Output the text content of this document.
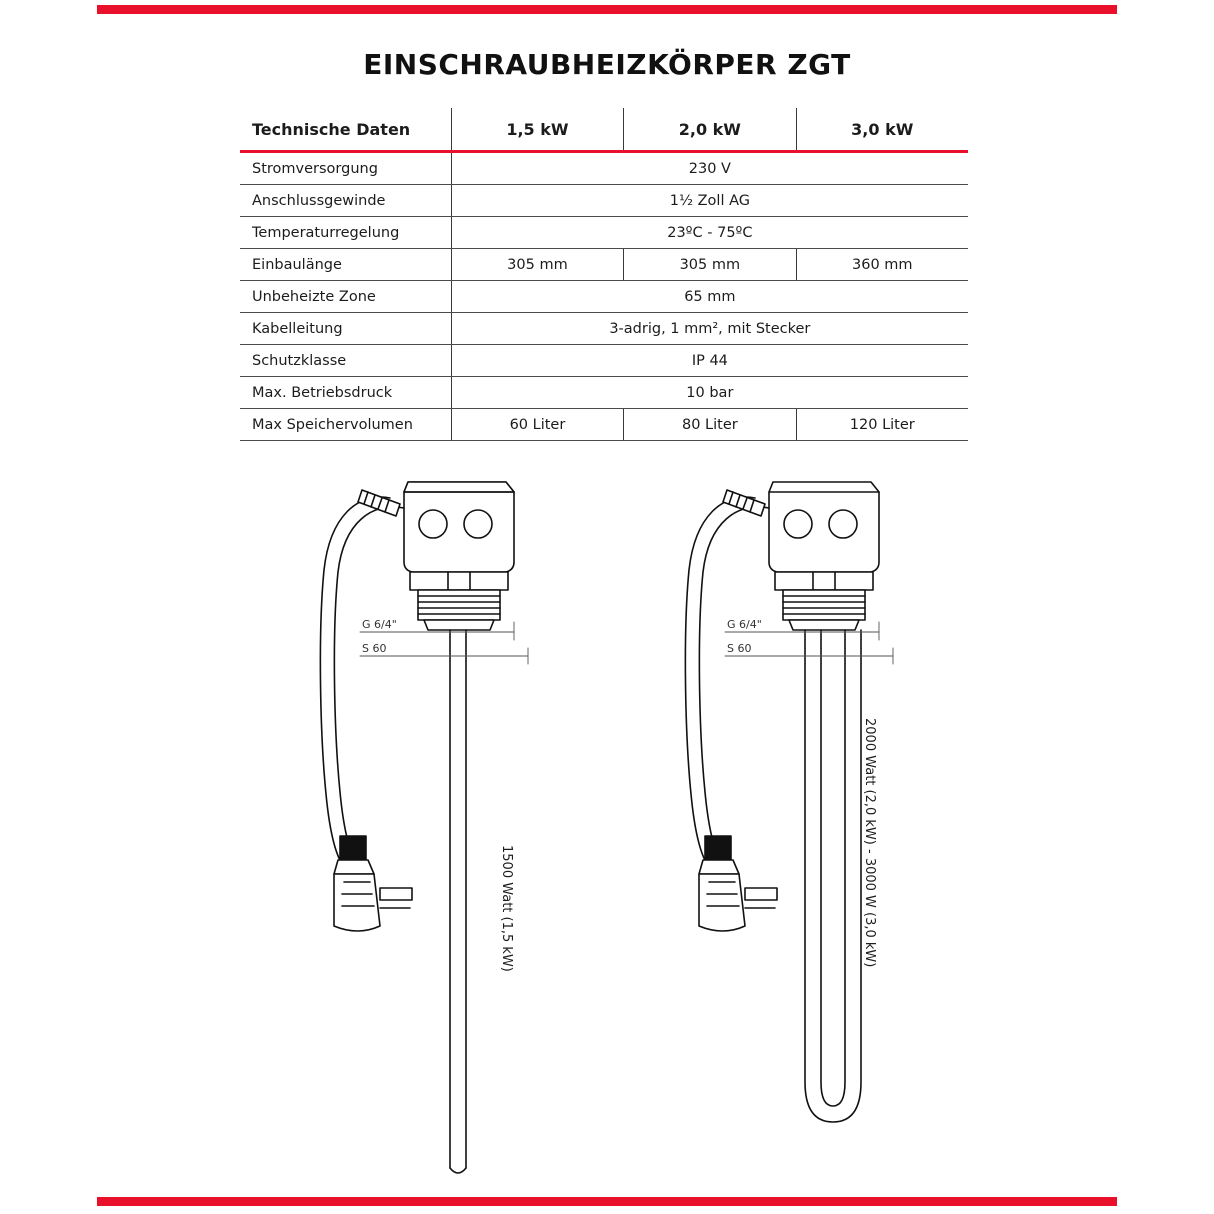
EINSCHRAUBHEIZKÖRPER ZGT
Technische Daten	1,5 kW	2,0 kW	3,0 kW
Stromversorgung	230 V		
Anschlussgewinde	1½ Zoll AG		
Temperaturregelung	23ºC - 75ºC		
Einbaulänge	305 mm	305 mm	360 mm
Unbeheizte Zone	65 mm		
Kabelleitung	3-adrig, 1 mm², mit Stecker		
Schutzklasse	IP 44		
Max. Betriebsdruck	10 bar		
Max Speichervolumen	60 Liter	80 Liter	120 Liter
G 6/4"
S 60
G 6/4"
S 60
1500 Watt (1,5 kW)	2000 Watt (2,0 kW) - 3000 W (3,0 kW)
